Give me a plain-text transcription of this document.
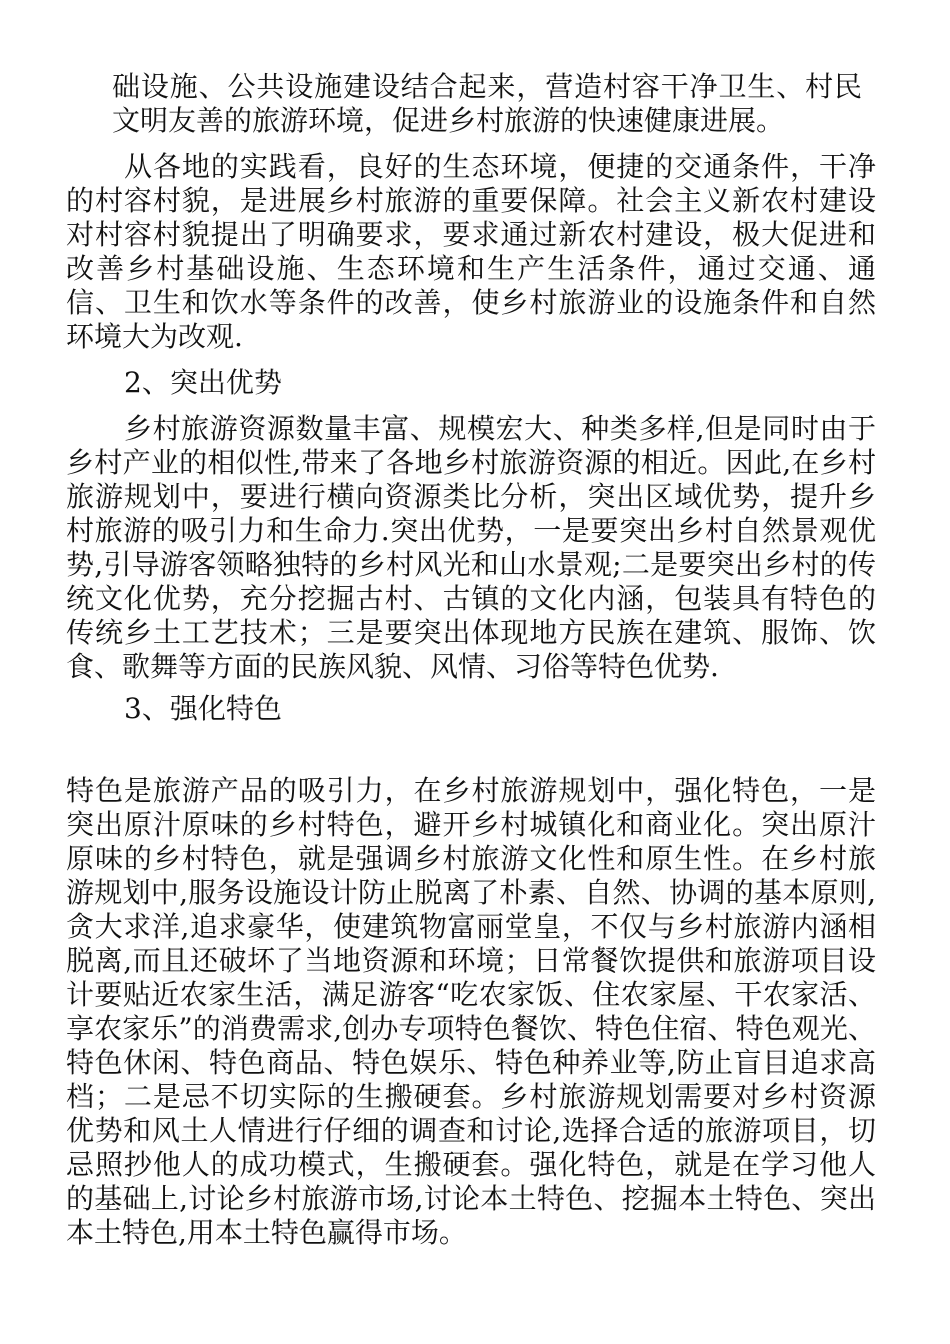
础设施、公共设施建设结合起来，营造村容干净卫生、村民文明友善的旅游环境，促进乡村旅游的快速健康进展。

从各地的实践看，良好的生态环境，便捷的交通条件，干净的村容村貌，是进展乡村旅游的重要保障。社会主义新农村建设对村容村貌提出了明确要求，要求通过新农村建设，极大促进和改善乡村基础设施、生态环境和生产生活条件，通过交通、通信、卫生和饮水等条件的改善，使乡村旅游业的设施条件和自然环境大为改观.

2、突出优势

乡村旅游资源数量丰富、规模宏大、种类多样,但是同时由于乡村产业的相似性,带来了各地乡村旅游资源的相近。因此,在乡村旅游规划中，要进行横向资源类比分析，突出区域优势，提升乡村旅游的吸引力和生命力.突出优势，一是要突出乡村自然景观优势,引导游客领略独特的乡村风光和山水景观;二是要突出乡村的传统文化优势，充分挖掘古村、古镇的文化内涵，包装具有特色的传统乡土工艺技术；三是要突出体现地方民族在建筑、服饰、饮食、歌舞等方面的民族风貌、风情、习俗等特色优势.

3、强化特色

特色是旅游产品的吸引力，在乡村旅游规划中，强化特色，一是突出原汁原味的乡村特色，避开乡村城镇化和商业化。突出原汁原味的乡村特色，就是强调乡村旅游文化性和原生性。在乡村旅游规划中,服务设施设计防止脱离了朴素、自然、协调的基本原则,贪大求洋,追求豪华，使建筑物富丽堂皇，不仅与乡村旅游内涵相脱离,而且还破坏了当地资源和环境；日常餐饮提供和旅游项目设计要贴近农家生活，满足游客“吃农家饭、住农家屋、干农家活、享农家乐”的消费需求,创办专项特色餐饮、特色住宿、特色观光、特色休闲、特色商品、特色娱乐、特色种养业等,防止盲目追求高档；二是忌不切实际的生搬硬套。乡村旅游规划需要对乡村资源优势和风土人情进行仔细的调查和讨论,选择合适的旅游项目，切忌照抄他人的成功模式，生搬硬套。强化特色，就是在学习他人的基础上,讨论乡村旅游市场,讨论本土特色、挖掘本土特色、突出本土特色,用本土特色赢得市场。
